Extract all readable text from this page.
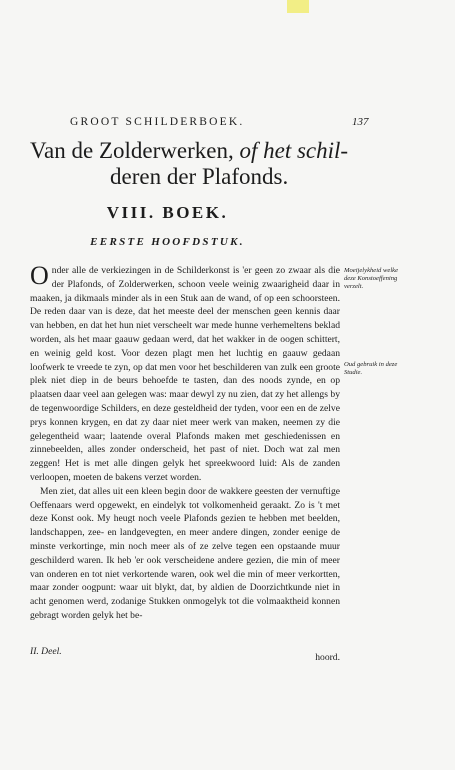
GROOT SCHILDERBOEK.	137
Van de Zolderwerken, of het schil-
deren der Plafonds.
VIII. BOEK.
EERSTE HOOFDSTUK.

Onder alle de verkiezingen in de Schilderkonst is 'er geen zo zwaar als die der Plafonds, of Zolderwerken, schoon veele weinig zwaarigheid daar in maaken, ja dikmaals minder als in een Stuk aan de wand, of op een schoorsteen. De reden daar van is deze, dat het meeste deel der menschen geen kennis daar van hebben, en dat het hun niet verscheelt war mede hunne verhemeltens beklad worden, als het maar gaauw gedaan werd, dat het wakker in de oogen schittert, en weinig geld kost. Voor dezen plagt men het luchtig en gaauw gedaan loofwerk te vreede te zyn, op dat men voor het beschilderen van zulk een groote plek niet diep in de beurs behoefde te tasten, dan des noods zynde, en op plaatsen daar veel aan gelegen was: maar dewyl zy nu zien, dat zy het allengs by de tegenwoordige Schilders, en deze gesteldheid der tyden, voor een en de zelve prys konnen krygen, en dat zy daar niet meer werk van maken, neemen zy die gelegentheid waar; laatende overal Plafonds maken met geschiedenissen en zinnebeelden, alles zonder onderscheid, het past of niet. Doch wat zal men zeggen! Het is met alle dingen gelyk het spreekwoord luid: Als de zanden verloopen, moeten de bakens verzet worden.

Men ziet, dat alles uit een kleen begin door de wakkere geesten der vernuftige Oeffenaars werd opgewekt, en eindelyk tot volkomenheid geraakt. Zo is 't met deze Konst ook. My heugt noch veele Plafonds gezien te hebben met beelden, landschappen, zee- en landgevegten, en meer andere dingen, zonder eenige de minste verkortinge, min noch meer als of ze zelve tegen een opstaande muur geschilderd waren. Ik heb 'er ook verscheidene andere gezien, die min of meer van onderen en tot niet verkortende waren, ook wel die min of meer verkortten, maar zonder oogpunt: waar uit blykt, dat, by aldien de Doorzichtkunde niet in acht genomen werd, zodanige Stukken onmogelyk tot die volmaaktheid konnen gebragt worden gelyk het be-

II. Deel.
hoord.
Moeijelykheid welke deze Konstoeffening verzelt.
Oud gebruik in deze Studie.
